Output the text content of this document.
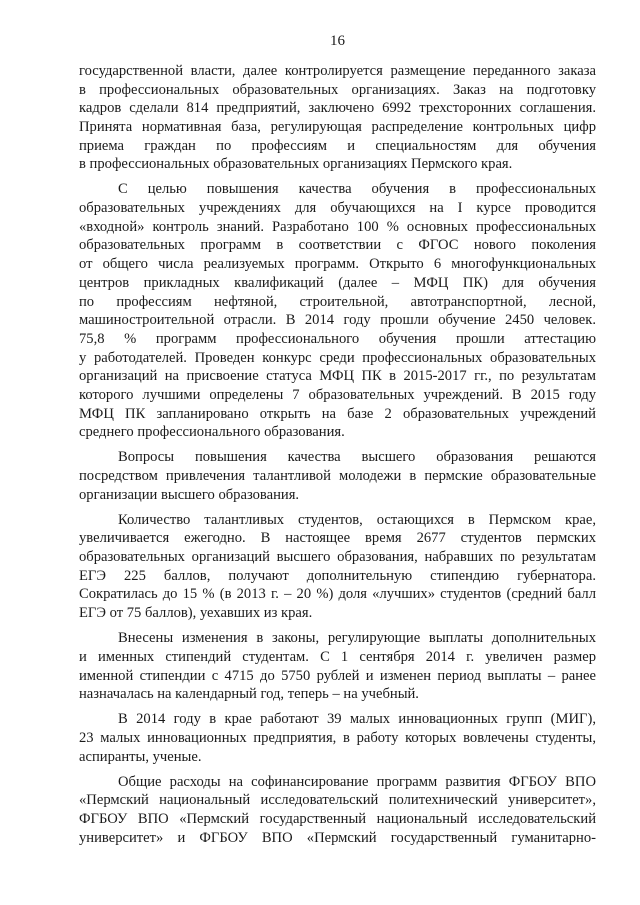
16
государственной власти, далее контролируется размещение переданного заказа
в профессиональных образовательных организациях. Заказ на подготовку
кадров сделали 814 предприятий, заключено 6992 трехсторонних соглашения.
Принята нормативная база, регулирующая распределение контрольных цифр
приема граждан по профессиям и специальностям для обучения
в профессиональных образовательных организациях Пермского края.
С целью повышения качества обучения в профессиональных
образовательных учреждениях для обучающихся на I курсе проводится
«входной» контроль знаний. Разработано 100 % основных профессиональных
образовательных программ в соответствии с ФГОС нового поколения
от общего числа реализуемых программ. Открыто 6 многофункциональных
центров прикладных квалификаций (далее – МФЦ ПК) для обучения
по профессиям нефтяной, строительной, автотранспортной, лесной,
машиностроительной отрасли. В 2014 году прошли обучение 2450 человек.
75,8 % программ профессионального обучения прошли аттестацию
у работодателей. Проведен конкурс среди профессиональных образовательных
организаций на присвоение статуса МФЦ ПК в 2015-2017 гг., по результатам
которого лучшими определены 7 образовательных учреждений. В 2015 году
МФЦ ПК запланировано открыть на базе 2 образовательных учреждений
среднего профессионального образования.
Вопросы повышения качества высшего образования решаются
посредством привлечения талантливой молодежи в пермские образовательные
организации высшего образования.
Количество талантливых студентов, остающихся в Пермском крае,
увеличивается ежегодно. В настоящее время 2677 студентов пермских
образовательных организаций высшего образования, набравших по результатам
ЕГЭ 225 баллов, получают дополнительную стипендию губернатора.
Сократилась до 15 % (в 2013 г. – 20 %) доля «лучших» студентов (средний балл
ЕГЭ от 75 баллов), уехавших из края.
Внесены изменения в законы, регулирующие выплаты дополнительных
и именных стипендий студентам. С 1 сентября 2014 г. увеличен размер
именной стипендии с 4715 до 5750 рублей и изменен период выплаты – ранее
назначалась на календарный год, теперь – на учебный.
В 2014 году в крае работают 39 малых инновационных групп (МИГ),
23 малых инновационных предприятия, в работу которых вовлечены студенты,
аспиранты, ученые.
Общие расходы на софинансирование программ развития ФГБОУ ВПО
«Пермский национальный исследовательский политехнический университет»,
ФГБОУ ВПО «Пермский государственный национальный исследовательский
университет» и ФГБОУ ВПО «Пермский государственный гуманитарно-
